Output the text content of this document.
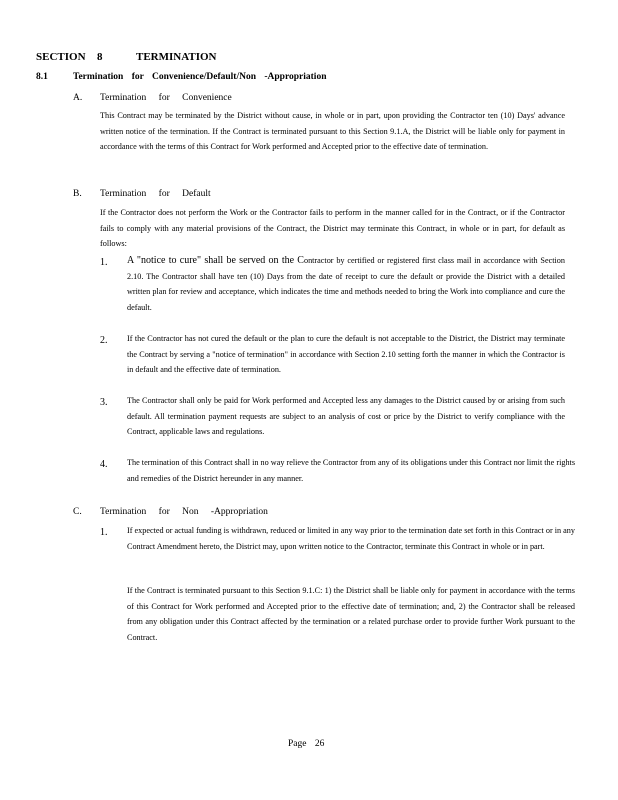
SECTION 8	TERMINATION
8.1	Termination for Convenience/Default/Non -Appropriation
A. Termination for Convenience
This Contract may be terminated by the District without cause, in whole or in part, upon providing the Contractor ten (10) Days' advance written notice of the termination. If the Contract is terminated pursuant to this Section 9.1.A, the District will be liable only for payment in accordance with the terms of this Contract for Work performed and Accepted prior to the effective date of termination.
B. Termination for Default
If the Contractor does not perform the Work or the Contractor fails to perform in the manner called for in the Contract, or if the Contractor fails to comply with any material provisions of the Contract, the District may terminate this Contract, in whole or in part, for default as follows:
1. A "notice to cure" shall be served on the Contractor by certified or registered first class mail in accordance with Section 2.10. The Contractor shall have ten (10) Days from the date of receipt to cure the default or provide the District with a detailed written plan for review and acceptance, which indicates the time and methods needed to bring the Work into compliance and cure the default.
2. If the Contractor has not cured the default or the plan to cure the default is not acceptable to the District, the District may terminate the Contract by serving a "notice of termination" in accordance with Section 2.10 setting forth the manner in which the Contractor is in default and the effective date of termination.
3. The Contractor shall only be paid for Work performed and Accepted less any damages to the District caused by or arising from such default. All termination payment requests are subject to an analysis of cost or price by the District to verify compliance with the Contract, applicable laws and regulations.
4. The termination of this Contract shall in no way relieve the Contractor from any of its obligations under this Contract nor limit the rights and remedies of the District hereunder in any manner.
C. Termination for Non -Appropriation
1. If expected or actual funding is withdrawn, reduced or limited in any way prior to the termination date set forth in this Contract or in any Contract Amendment hereto, the District may, upon written notice to the Contractor, terminate this Contract in whole or in part.
If the Contract is terminated pursuant to this Section 9.1.C: 1) the District shall be liable only for payment in accordance with the terms of this Contract for Work performed and Accepted prior to the effective date of termination; and, 2) the Contractor shall be released from any obligation under this Contract affected by the termination or a related purchase order to provide further Work pursuant to the Contract.
Page 26
